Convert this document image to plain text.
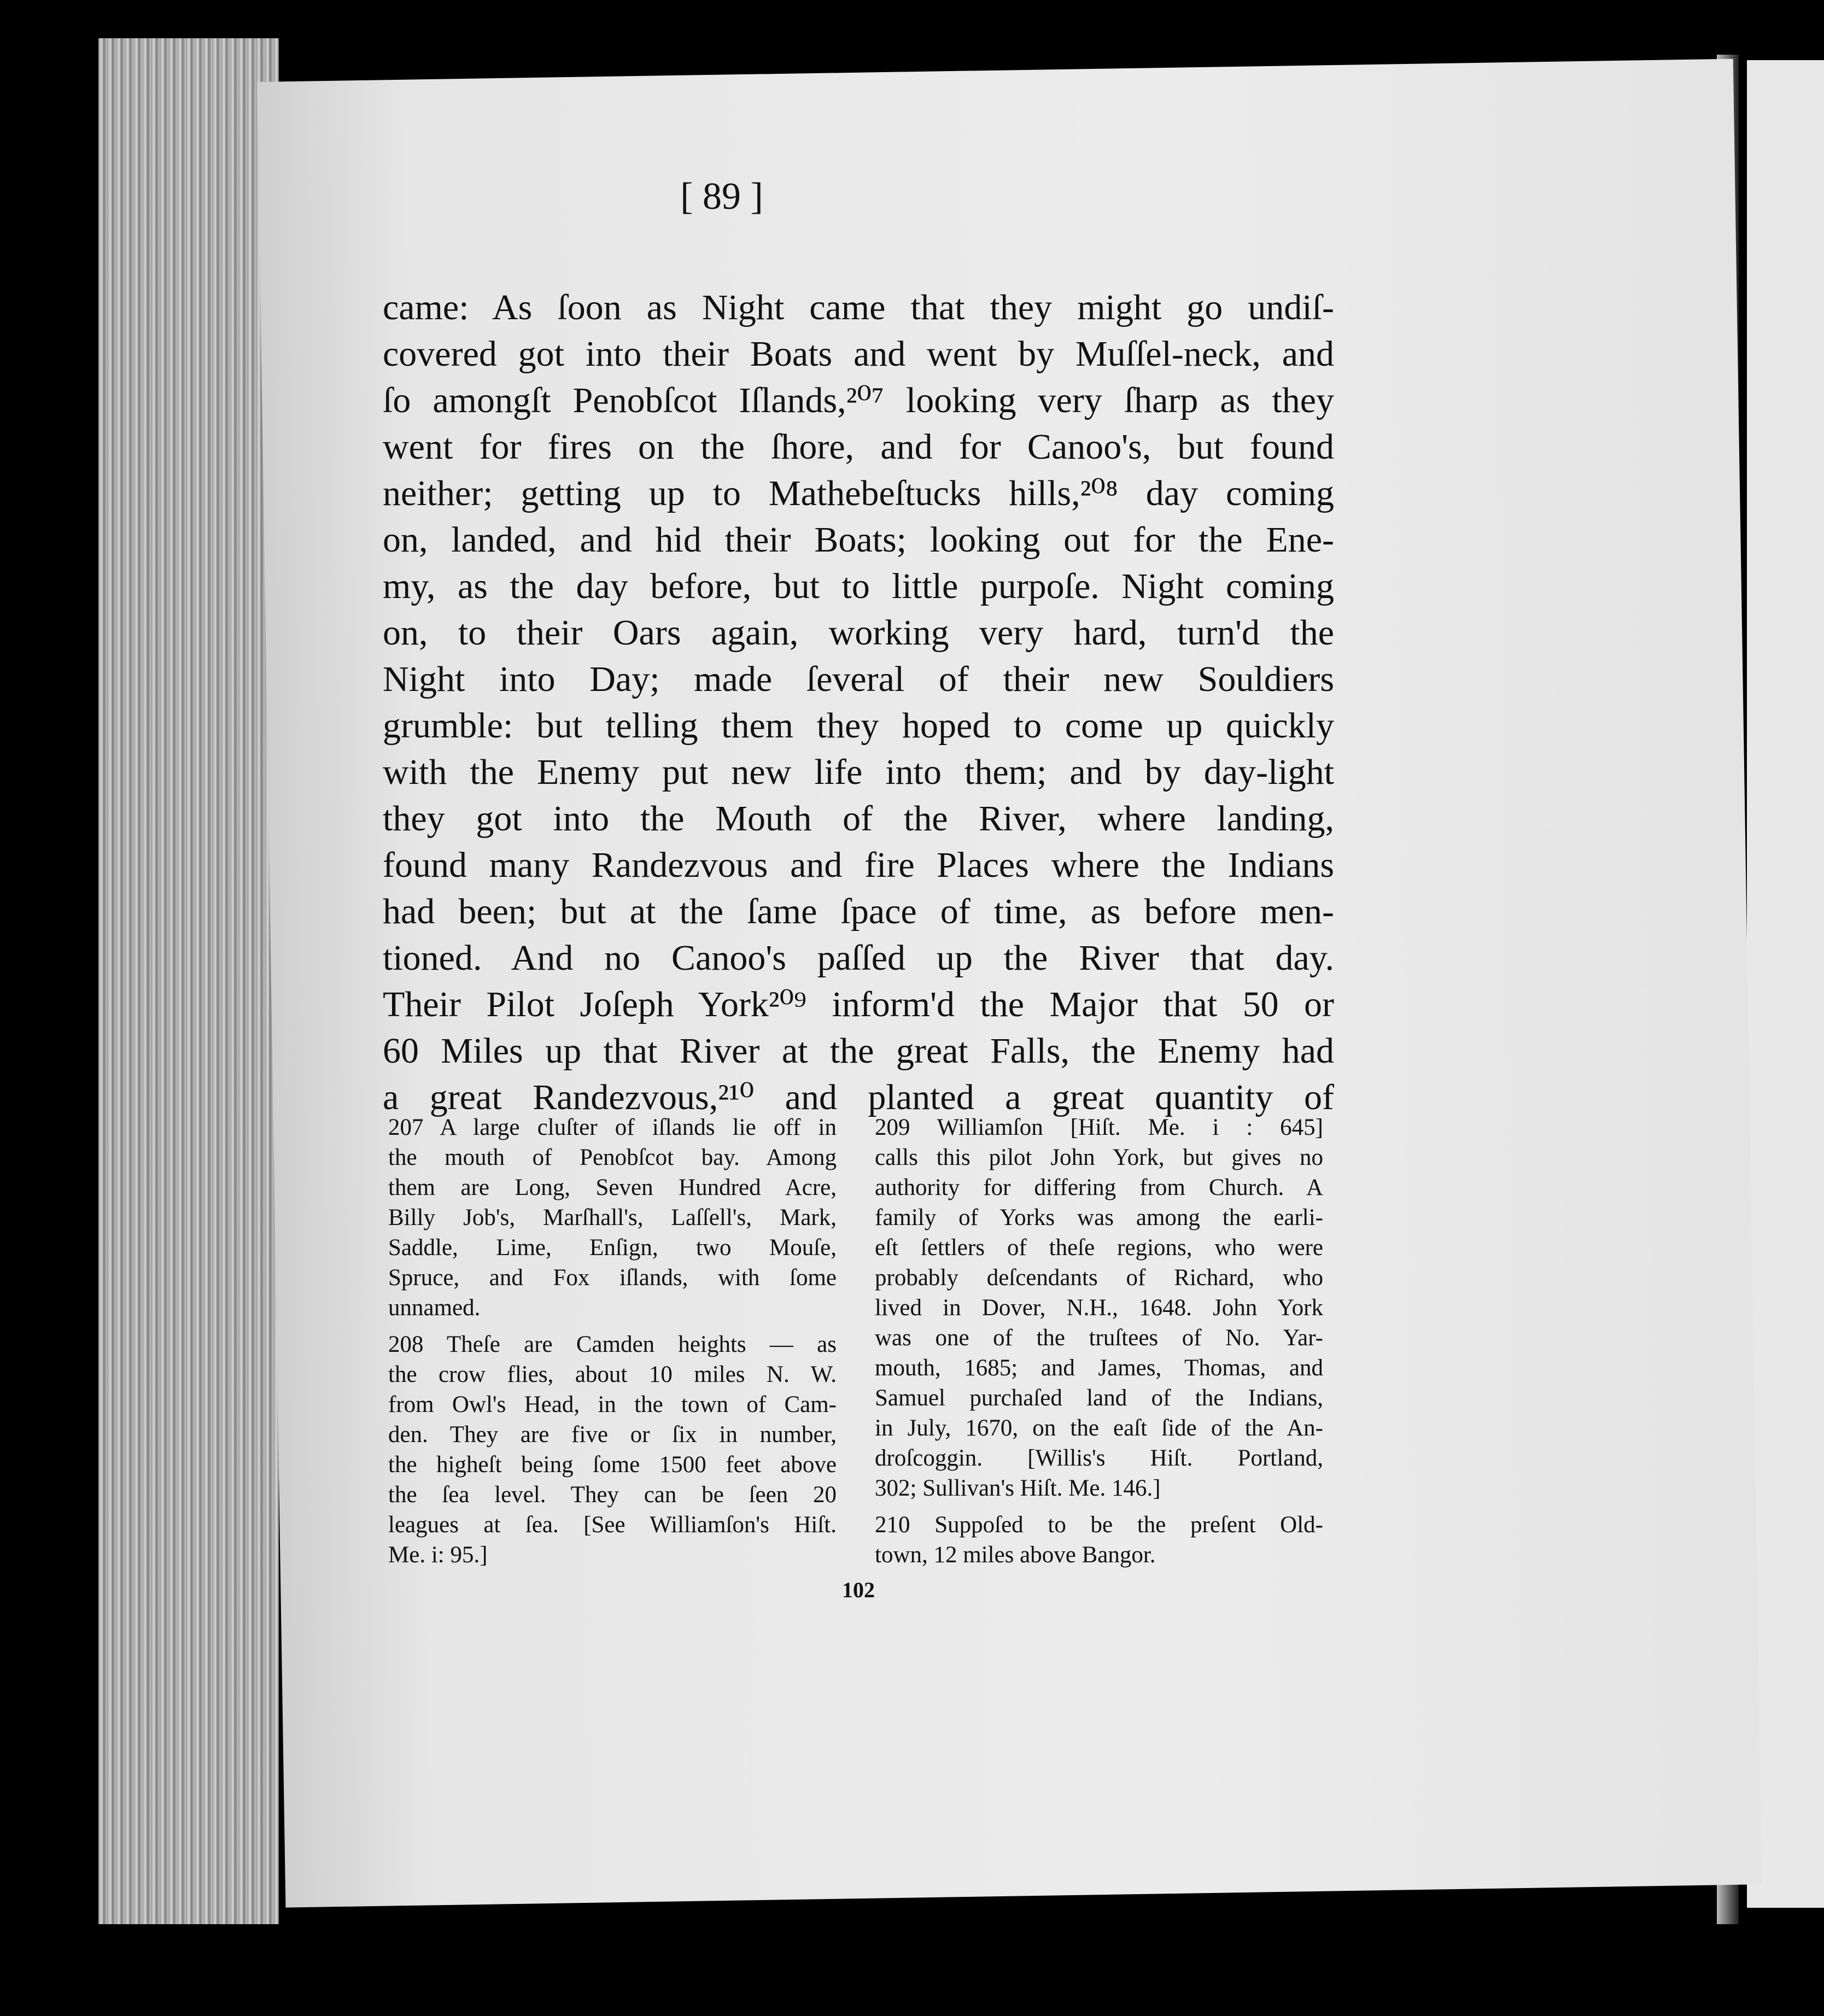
[ 89 ]
came: As ſoon as Night came that they might go undiſ-
covered got into their Boats and went by Muſſel-neck, and
ſo amongſt Penobſcot Iſlands,²⁰⁷ looking very ſharp as they
went for fires on the ſhore, and for Canoo's, but found
neither; getting up to Mathebeſtucks hills,²⁰⁸ day coming
on, landed, and hid their Boats; looking out for the Ene-
my, as the day before, but to little purpoſe. Night coming
on, to their Oars again, working very hard, turn'd the
Night into Day; made ſeveral of their new Souldiers
grumble: but telling them they hoped to come up quickly
with the Enemy put new life into them; and by day-light
they got into the Mouth of the River, where landing,
found many Randezvous and fire Places where the Indians
had been; but at the ſame ſpace of time, as before men-
tioned. And no Canoo's paſſed up the River that day.
Their Pilot Joſeph York²⁰⁹ inform'd the Major that 50 or
60 Miles up that River at the great Falls, the Enemy had
a great Randezvous,²¹⁰ and planted a great quantity of
207 A large cluſter of iſlands lie off in
the mouth of Penobſcot bay. Among
them are Long, Seven Hundred Acre,
Billy Job's, Marſhall's, Laſſell's, Mark,
Saddle, Lime, Enſign, two Mouſe,
Spruce, and Fox iſlands, with ſome
unnamed.
208 Theſe are Camden heights — as
the crow flies, about 10 miles N. W.
from Owl's Head, in the town of Cam-
den. They are five or ſix in number,
the higheſt being ſome 1500 feet above
the ſea level. They can be ſeen 20
leagues at ſea. [See Williamſon's Hiſt.
Me. i: 95.]
209 Williamſon [Hiſt. Me. i : 645]
calls this pilot John York, but gives no
authority for differing from Church. A
family of Yorks was among the earli-
eſt ſettlers of theſe regions, who were
probably deſcendants of Richard, who
lived in Dover, N.H., 1648. John York
was one of the truſtees of No. Yar-
mouth, 1685; and James, Thomas, and
Samuel purchaſed land of the Indians,
in July, 1670, on the eaſt ſide of the An-
droſcoggin. [Willis's Hiſt. Portland,
302; Sullivan's Hiſt. Me. 146.]
210 Suppoſed to be the preſent Old-
town, 12 miles above Bangor.
102
